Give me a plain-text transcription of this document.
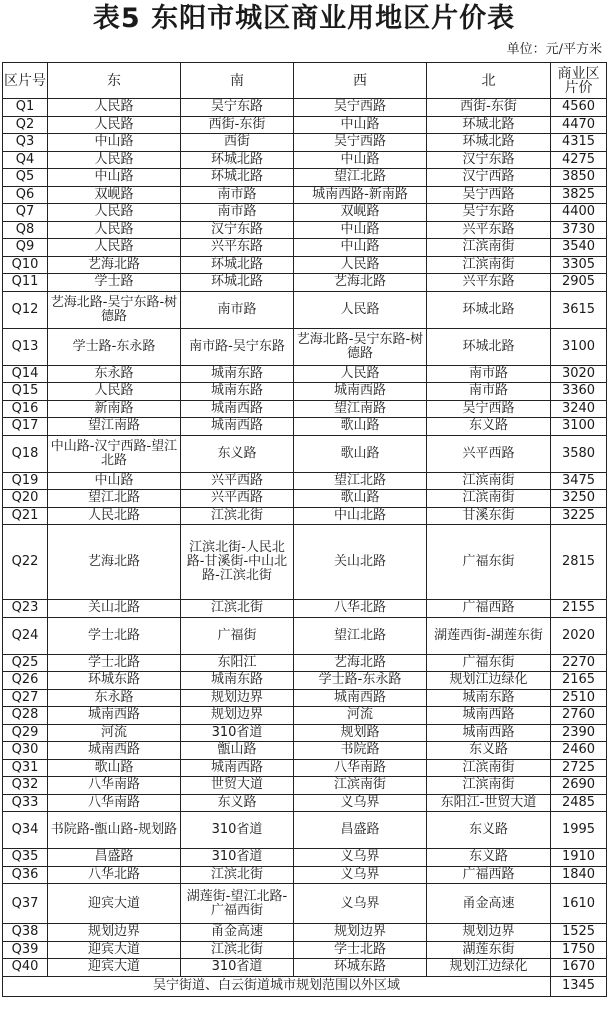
表5 东阳市城区商业用地区片价表
单位：元/平方米
区片号	东	南	西	北	商业区片价
Q1	人民路	吴宁东路	吴宁西路	西街-东街	4560
Q2	人民路	西街-东街	中山路	环城北路	4470
Q3	中山路	西街	吴宁西路	环城北路	4315
Q4	人民路	环城北路	中山路	汉宁东路	4275
Q5	中山路	环城北路	望江北路	汉宁西路	3850
Q6	双岘路	南市路	城南西路-新南路	吴宁西路	3825
Q7	人民路	南市路	双岘路	吴宁东路	4400
Q8	人民路	汉宁东路	中山路	兴平东路	3730
Q9	人民路	兴平东路	中山路	江滨南街	3540
Q10	艺海北路	环城北路	人民路	江滨南街	3305
Q11	学士路	环城北路	艺海北路	兴平东路	2905
Q12	艺海北路-吴宁东路-树德路	南市路	人民路	环城北路	3615
Q13	学士路-东永路	南市路-吴宁东路	艺海北路-吴宁东路-树德路	环城北路	3100
Q14	东永路	城南东路	人民路	南市路	3020
Q15	人民路	城南东路	城南西路	南市路	3360
Q16	新南路	城南西路	望江南路	吴宁西路	3240
Q17	望江南路	城南西路	歌山路	东义路	3100
Q18	中山路-汉宁西路-望江北路	东义路	歌山路	兴平西路	3580
Q19	中山路	兴平西路	望江北路	江滨南街	3475
Q20	望江北路	兴平西路	歌山路	江滨南街	3250
Q21	人民北路	江滨北街	中山北路	甘溪东街	3225
Q22	艺海北路	江滨北街-人民北路-甘溪街-中山北路-江滨北街	关山北路	广福东街	2815
Q23	关山北路	江滨北街	八华北路	广福西路	2155
Q24	学士北路	广福街	望江北路	湖莲西街-湖莲东街	2020
Q25	学士北路	东阳江	艺海北路	广福东街	2270
Q26	环城东路	城南东路	学士路-东永路	规划江边绿化	2165
Q27	东永路	规划边界	城南西路	城南东路	2510
Q28	城南西路	规划边界	河流	城南西路	2760
Q29	河流	310省道	规划路	城南西路	2390
Q30	城南西路	甑山路	书院路	东义路	2460
Q31	歌山路	城南西路	八华南路	江滨南街	2725
Q32	八华南路	世贸大道	江滨南街	江滨南街	2690
Q33	八华南路	东义路	义乌界	东阳江-世贸大道	2485
Q34	书院路-甑山路-规划路	310省道	昌盛路	东义路	1995
Q35	昌盛路	310省道	义乌界	东义路	1910
Q36	八华北路	江滨北街	义乌界	广福西路	1840
Q37	迎宾大道	湖莲街-望江北路-广福西街	义乌界	甬金高速	1610
Q38	规划边界	甬金高速	规划边界	规划边界	1525
Q39	迎宾大道	江滨北街	学士北路	湖莲东街	1750
Q40	迎宾大道	310省道	环城东路	规划江边绿化	1670
吴宁街道、白云街道城市规划范围以外区域					1345
